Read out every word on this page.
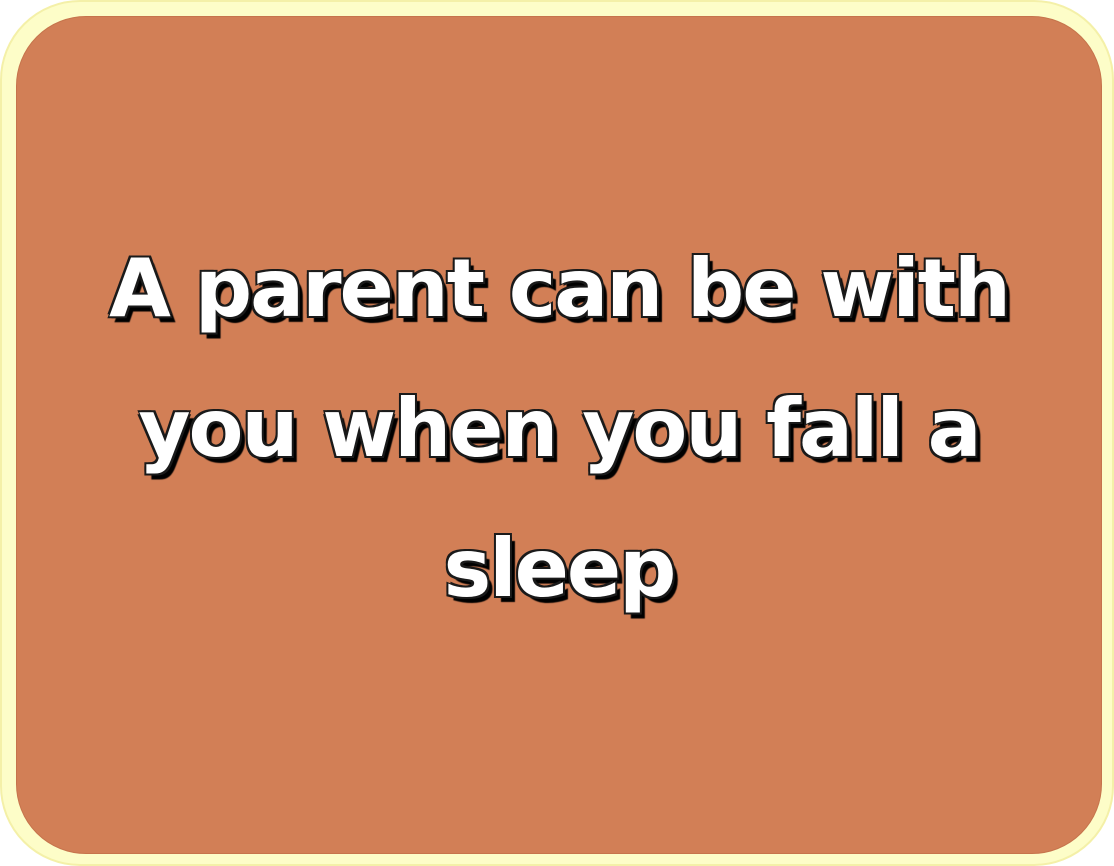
A parent can be with you when you fall a sleep
